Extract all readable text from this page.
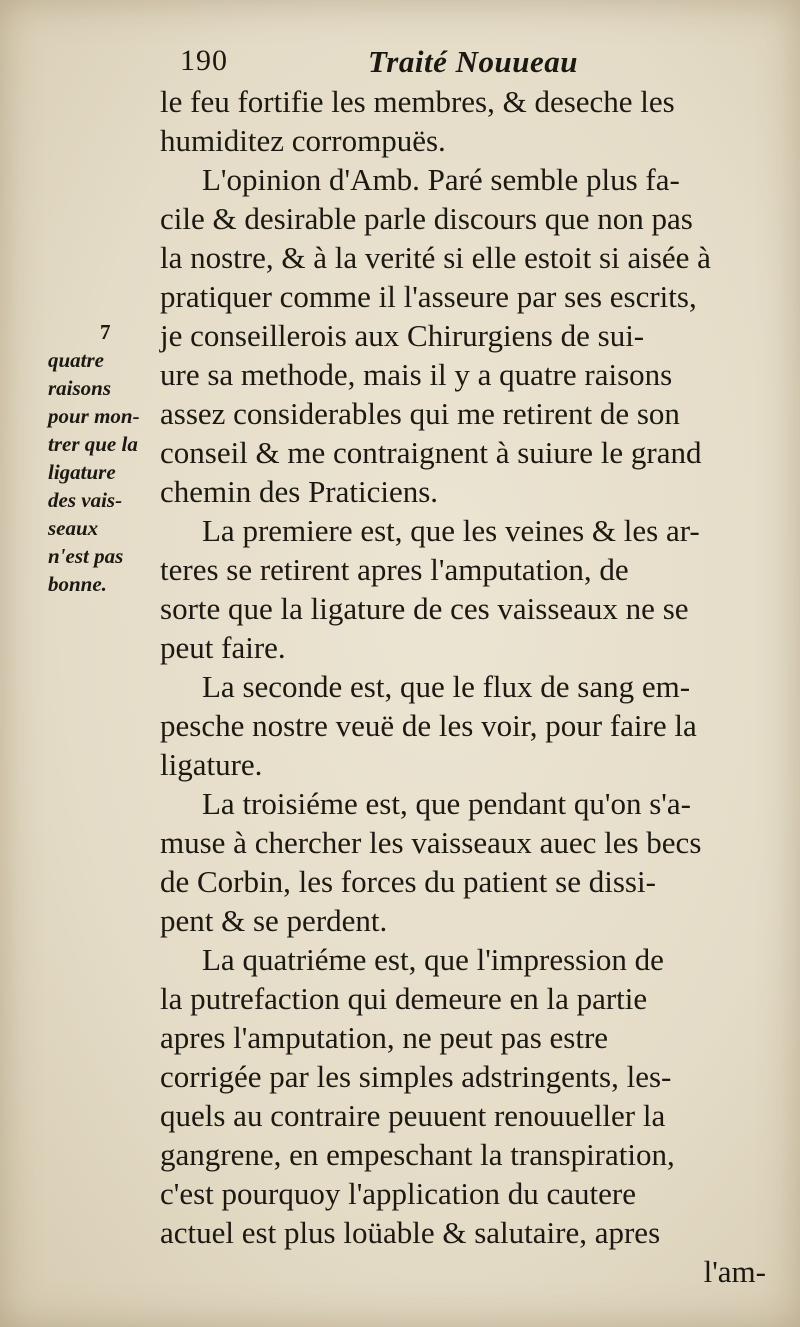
190	Traité Nouueau
7
quatre
raisons
pour mon-
trer que la
ligature
des vais-
seaux
n'est pas
bonne.
le feu fortifie les membres, & deseche les
humiditez corrompuës.
L'opinion d'Amb. Paré semble plus fa-
cile & desirable parle discours que non pas
la nostre, & à la verité si elle estoit si aisée à
pratiquer comme il l'asseure par ses escrits,
je conseillerois aux Chirurgiens de sui-
ure sa methode, mais il y a quatre raisons
assez considerables qui me retirent de son
conseil & me contraignent à suiure le grand
chemin des Praticiens.
La premiere est, que les veines & les ar-
teres se retirent apres l'amputation, de
sorte que la ligature de ces vaisseaux ne se
peut faire.
La seconde est, que le flux de sang em-
pesche nostre veuë de les voir, pour faire la
ligature.
La troisiéme est, que pendant qu'on s'a-
muse à chercher les vaisseaux auec les becs
de Corbin, les forces du patient se dissi-
pent & se perdent.
La quatriéme est, que l'impression de
la putrefaction qui demeure en la partie
apres l'amputation, ne peut pas estre
corrigée par les simples adstringents, les-
quels au contraire peuuent renouueller la
gangrene, en empeschant la transpiration,
c'est pourquoy l'application du cautere
actuel est plus loüable & salutaire, apres
l'am-
